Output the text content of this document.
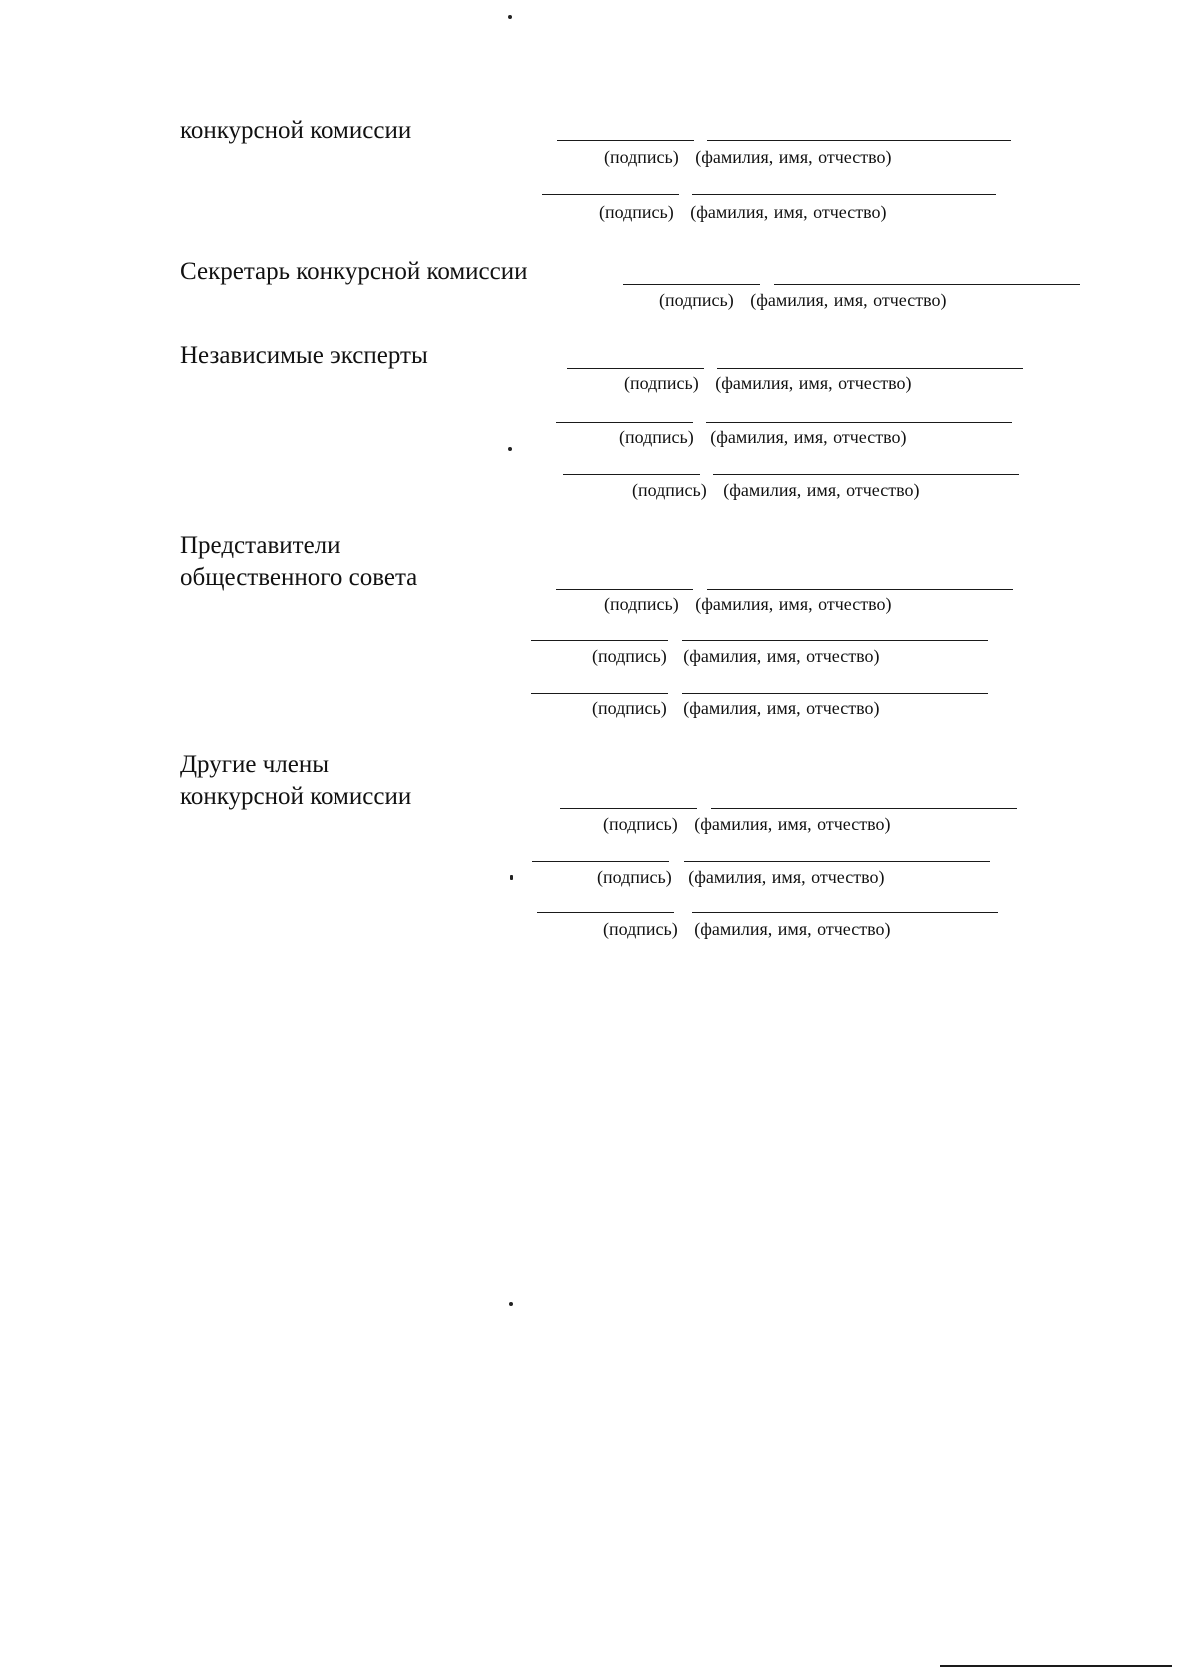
конкурсной комиссии
(подпись) (фамилия, имя, отчество)
(подпись) (фамилия, имя, отчество)
Секретарь конкурсной комиссии
(подпись) (фамилия, имя, отчество)
Независимые эксперты
(подпись) (фамилия, имя, отчество)
(подпись) (фамилия, имя, отчество)
(подпись) (фамилия, имя, отчество)
Представители
общественного совета
(подпись) (фамилия, имя, отчество)
(подпись) (фамилия, имя, отчество)
(подпись) (фамилия, имя, отчество)
Другие члены
конкурсной комиссии
(подпись) (фамилия, имя, отчество)
(подпись) (фамилия, имя, отчество)
(подпись) (фамилия, имя, отчество)
